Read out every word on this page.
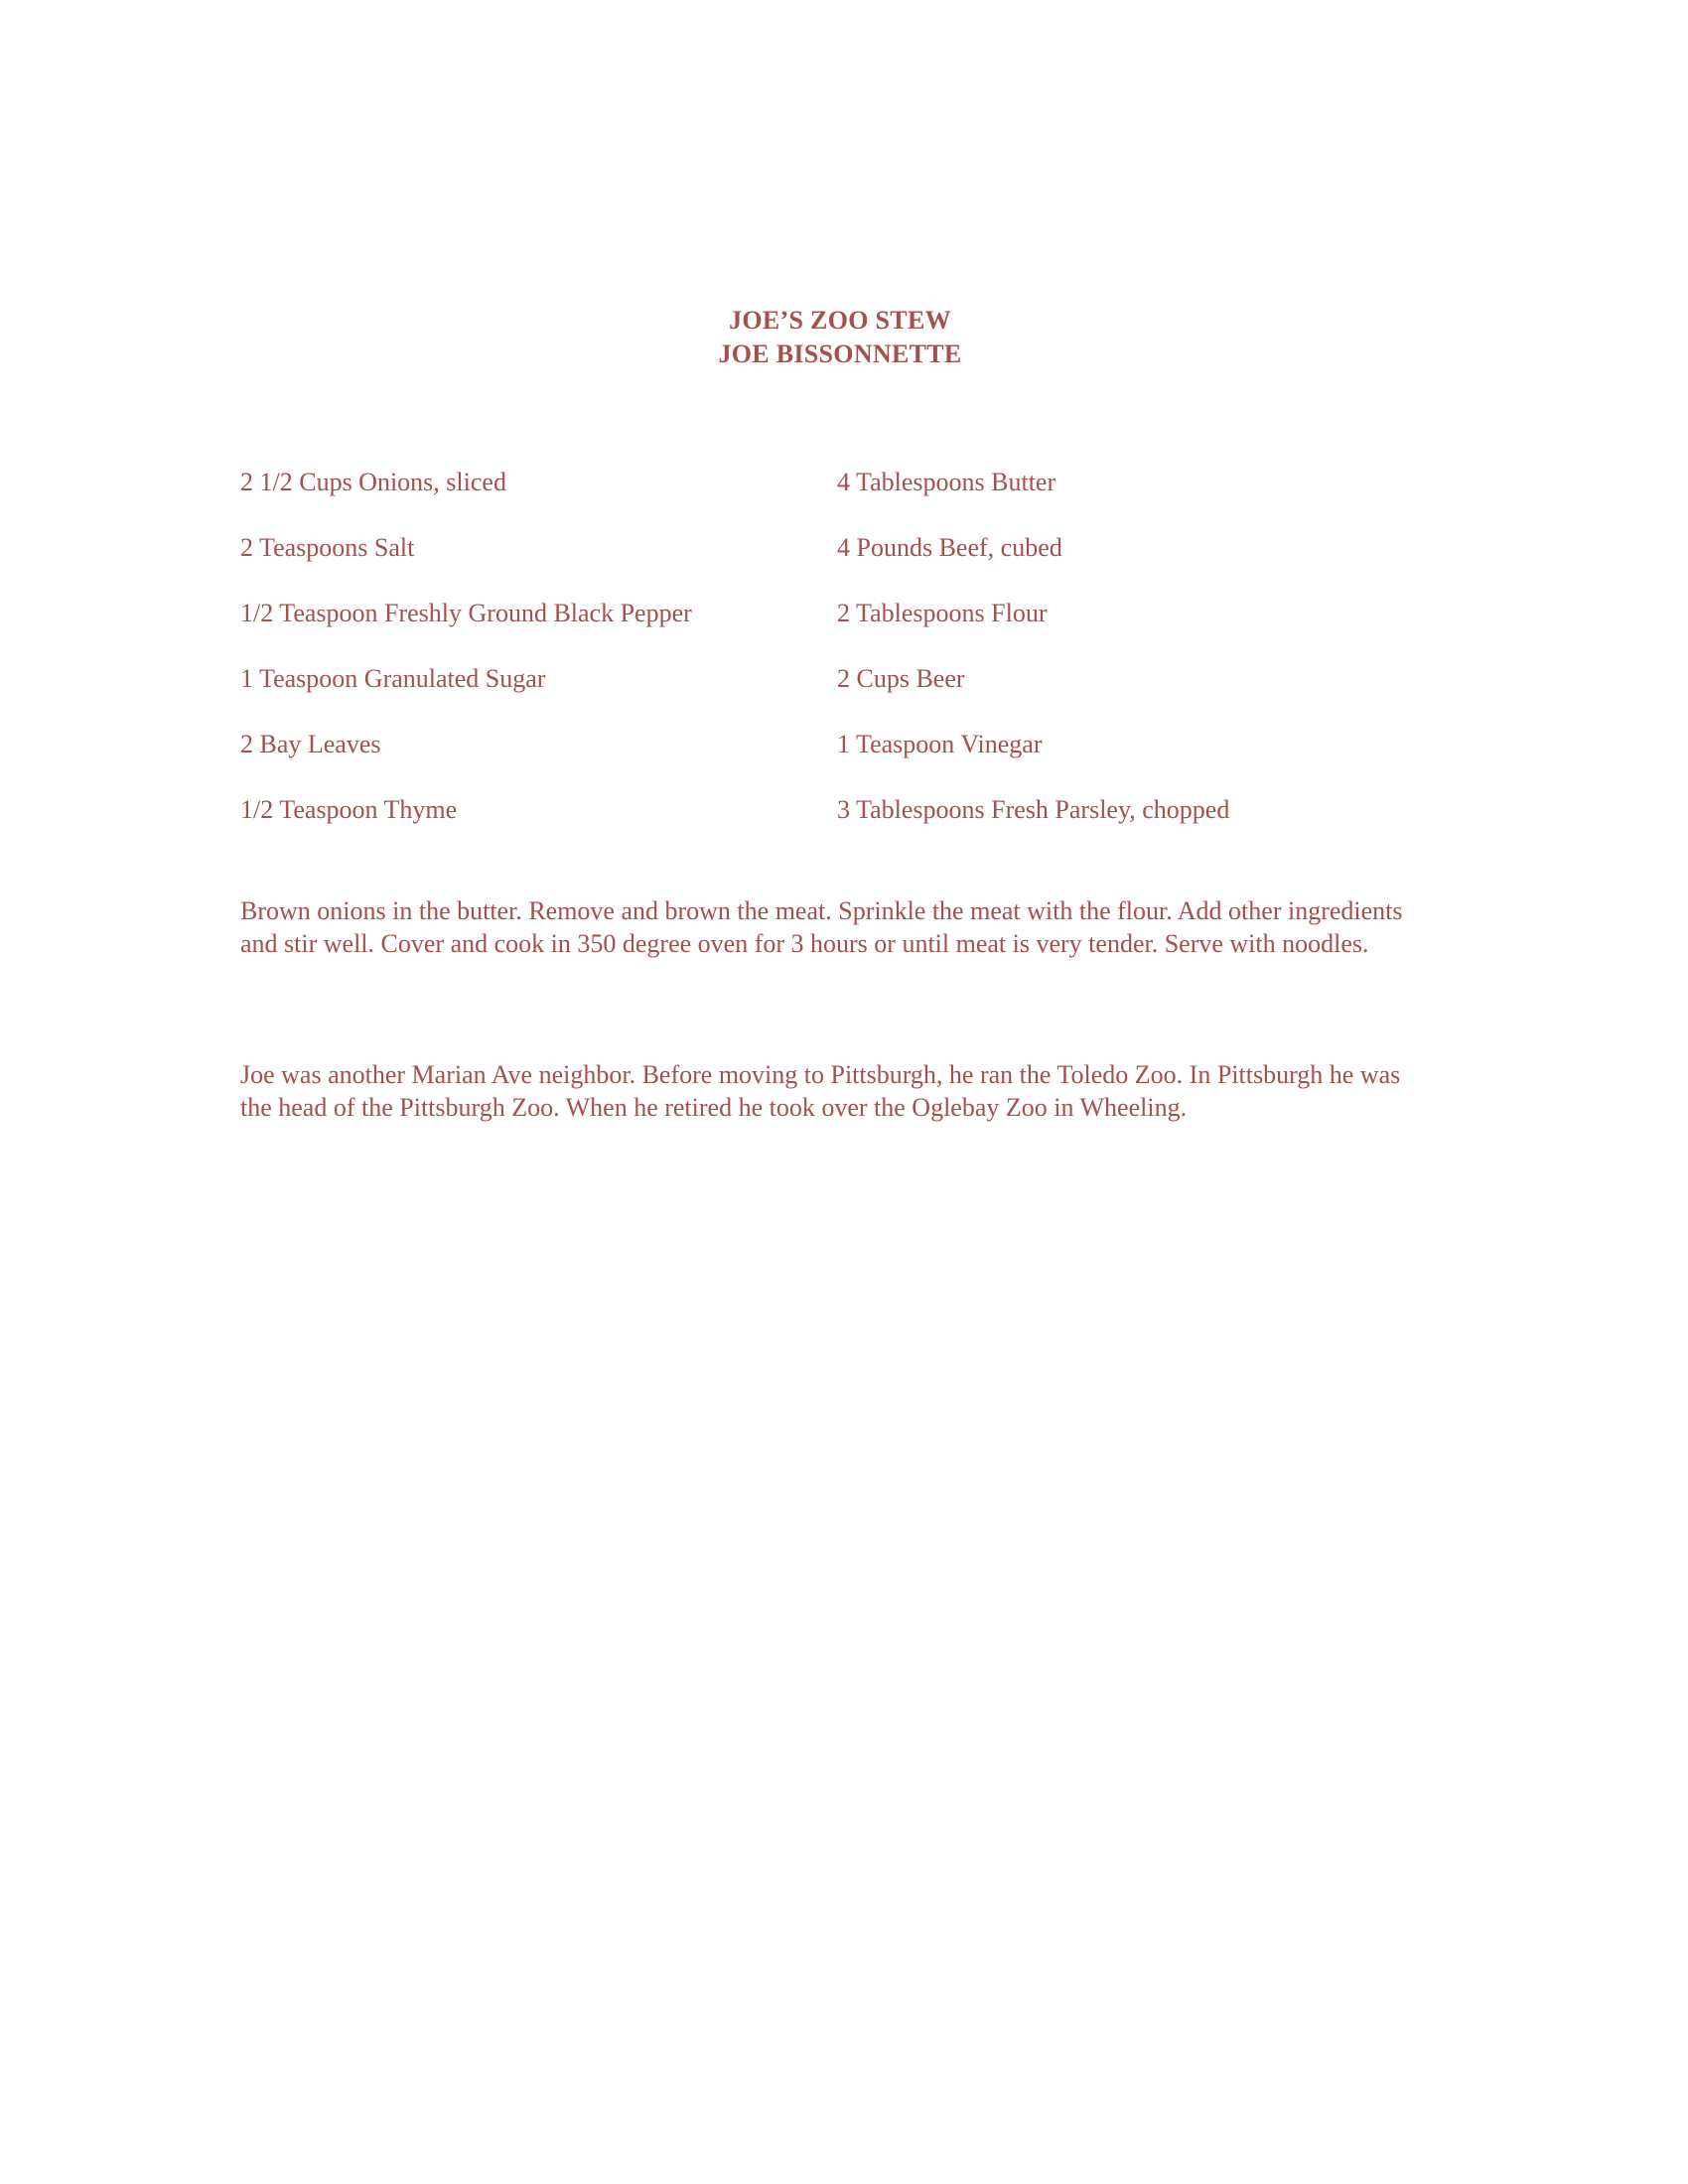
JOE’S ZOO STEW
JOE BISSONNETTE
2 1/2 Cups Onions, sliced	4 Tablespoons Butter
2 Teaspoons Salt	4 Pounds Beef, cubed
1/2 Teaspoon Freshly Ground Black Pepper	2 Tablespoons Flour
1 Teaspoon Granulated Sugar	2 Cups Beer
2 Bay Leaves	1 Teaspoon Vinegar
1/2 Teaspoon Thyme	3 Tablespoons Fresh Parsley, chopped

Brown onions in the butter. Remove and brown the meat. Sprinkle the meat with the flour. Add other ingredients and stir well. Cover and cook in 350 degree oven for 3 hours or until meat is very tender. Serve with noodles.

Joe was another Marian Ave neighbor. Before moving to Pittsburgh, he ran the Toledo Zoo. In Pittsburgh he was the head of the Pittsburgh Zoo. When he retired he took over the Oglebay Zoo in Wheeling.
